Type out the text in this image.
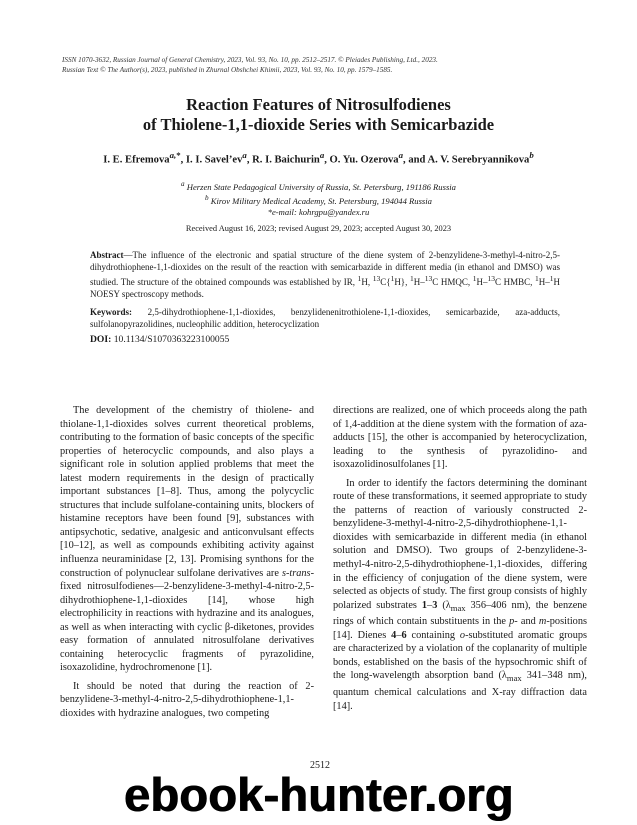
ISSN 1070-3632, Russian Journal of General Chemistry, 2023, Vol. 93, No. 10, pp. 2512–2517. © Pleiades Publishing, Ltd., 2023.
Russian Text © The Author(s), 2023, published in Zhurnal Obshchei Khimii, 2023, Vol. 93, No. 10, pp. 1579–1585.
Reaction Features of Nitrosulfodienes
of Thiolene-1,1-dioxide Series with Semicarbazide
I. E. Efremova$^{a,*}$, I. I. $Savel’ev^a$, R. I. Baichurin$^a$, O. Yu. Ozerova$^a$, and A. V. Serebryannikova$^b$
$^a$ Herzen State Pedagogical University of Russia, St. Petersburg, 191186 Russia
$^b$ Kirov Military Medical Academy, St. Petersburg, 194044 Russia
*e-mail: kohrgpu@yandex.ru
Received August 16, 2023; revised August 29, 2023; accepted August 30, 2023
Abstract—The influence of the electronic and spatial structure of the diene system of 2-benzylidene-3-methyl-4-nitro-2,5-dihydrothiophene-1,1-dioxides on the result of the reaction with semicarbazide in different media (in ethanol and DMSO) was studied. The structure of the obtained compounds was established by IR, $^1$H, $^{13}$C{$^1$H}, $^1$H–$^{13}$C HMQC, $^1$H–$^{13}$C HMBC, $^1$H–$^1$H NOESY spectroscopy methods.
Keywords: 2,5-dihydrothiophene-1,1-dioxides, benzylidenenitrothiolene-1,1-dioxides, semicarbazide, aza-adducts, sulfolanopyrazolidines, nucleophilic addition, heterocyclization
DOI: 10.1134/S1070363223100055

The development of the chemistry of thiolene- and thiolane-1,1-dioxides solves current theoretical problems, contributing to the formation of basic concepts of the specific properties of heterocyclic compounds, and also plays a significant role in solution applied problems that meet the latest modern requirements in the design of practically important substances [1–8]. Thus, among the polycyclic structures that include sulfolane-containing units, blockers of histamine receptors have been found [9], substances with antipsychotic, sedative, analgesic and anticonvulsant effects [10–12], as well as compounds exhibiting activity against influenza neuraminidase [2, 13]. Promising synthons for the construction of polynuclear sulfolane derivatives are s-trans-fixed nitrosulfodienes—2-benzylidene-3-methyl-4-nitro-2,5-dihydrothiophene-1,1-dioxides [14], whose high electrophilicity in reactions with hydrazine and its analogues, as well as when interacting with cyclic β-diketones, provides easy formation of annulated nitrosulfolane derivatives containing heterocyclic fragments of pyrazolidine, isoxazolidine, hydrochromenone [1].

It should be noted that during the reaction of 2-benzylidene-3-methyl-4-nitro-2,5-dihydrothiophene-1,1-dioxides with hydrazine analogues, two competing

directions are realized, one of which proceeds along the path of 1,4-addition at the diene system with the formation of aza-adducts [15], the other is accompanied by heterocyclization, leading to the synthesis of pyrazolidino- and isoxazolidinosulfolanes [1].

In order to identify the factors determining the dominant route of these transformations, it seemed appropriate to study the patterns of reaction of variously constructed 2-benzylidene-3-methyl-4-nitro-2,5-dihydrothiophene-1,1-dioxides with semicarbazide in different media (in ethanol solution and DMSO). Two groups of 2-benzylidene-3-methyl-4-nitro-2,5-dihydrothiophene-1,1-dioxides, differing in the efficiency of conjugation of the diene system, were selected as objects of study. The first group consists of highly polarized substrates 1–3 ($\lambda_{max}$ 356–406 nm), the benzene rings of which contain substituents in the p- and m-positions [14]. Dienes 4–6 containing o-substituted aromatic groups are characterized by a violation of the coplanarity of multiple bonds, established on the basis of the hypsochromic shift of the long-wavelength absorption band ($\lambda_{max}$ 341–348 nm), quantum chemical calculations and X-ray diffraction data [14].

2512
ebook-hunter.org
